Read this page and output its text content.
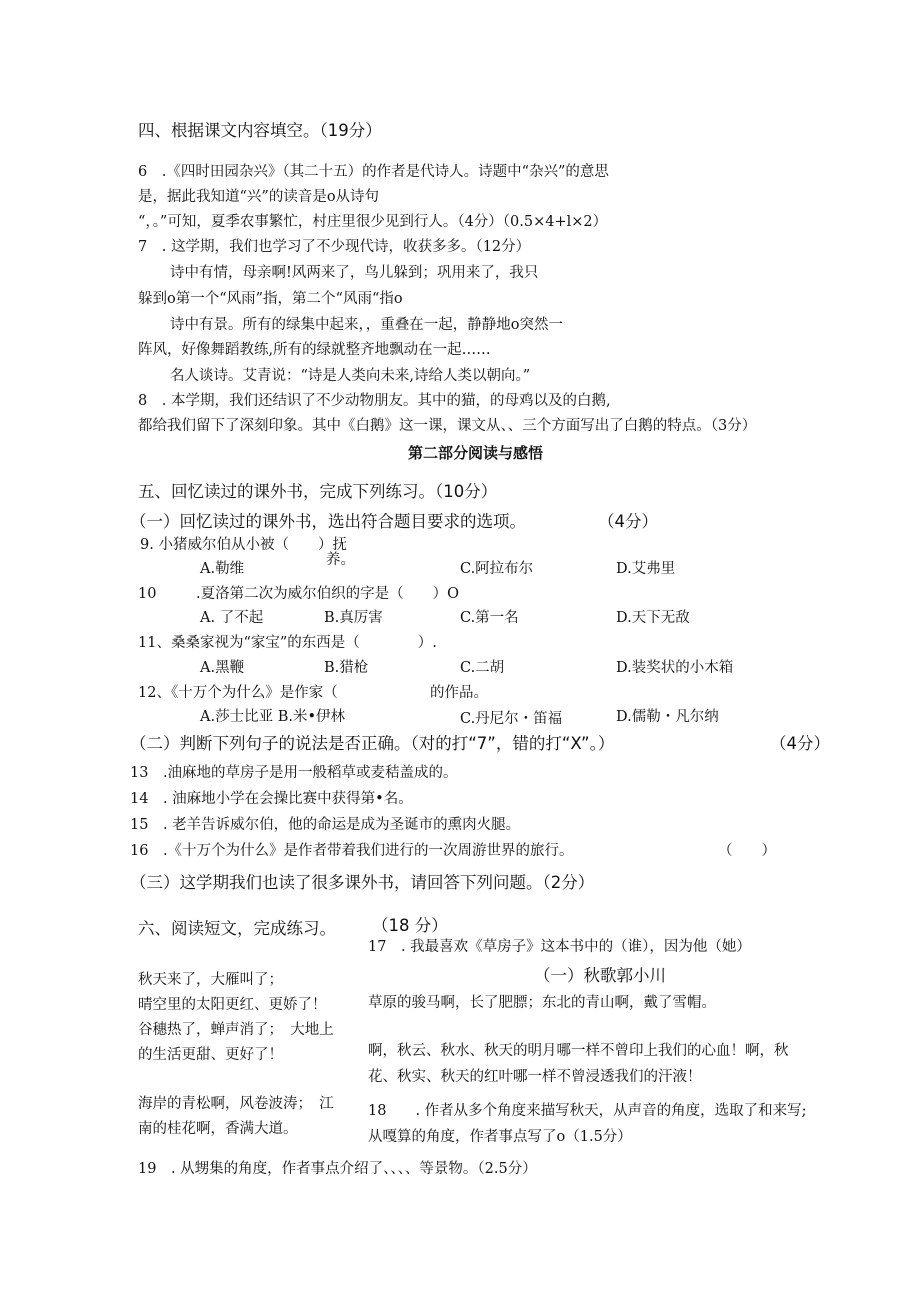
四、根据课文内容填空。（19分）
6　.《四时田园杂兴》（其二十五）的作者是代诗人。诗题中“杂兴”的意思
是，据此我知道“兴”的读音是o从诗句
“，。”可知，夏季农事繁忙，村庄里很少见到行人。（4分）（0.5×4+l×2）
7　. 这学期，我们也学习了不少现代诗，收获多多。（12分）
诗中有情，母亲啊!风两来了，鸟儿躲到；巩用来了，我只
躲到o第一个“风雨”指，第二个“风雨“指o
诗中有景。所有的绿集中起来，，重叠在一起，静静地o突然一
阵风，好像舞蹈教练,所有的绿就整齐地飘动在一起……
名人谈诗。艾青说：“诗是人类向未来,诗给人类以朝向。”
8　. 本学期，我们还结识了不少动物朋友。其中的猫，的母鸡以及的白鹅,
都给我们留下了深刻印象。其中《白鹅》这一课，课文从、、三个方面写出了白鹅的特点。（3分）
第二部分阅读与感悟
五、回忆读过的课外书，完成下列练习。（10分）
（一）回忆读过的课外书，选出符合题目要求的选项。	（4分）
9. 小猪威尔伯从小被（　　）抚
养。
A.勒维	C.阿拉布尔	D.艾弗里
10	.夏洛第二次为威尔伯织的字是（　　）O
A. 了不起	B.真厉害	C.第一名	D.天下无敌
11、桑桑家视为“家宝”的东西是（　　　　）.
A.黑鞭	B.猎枪	C.二胡	D.装奖状的小木箱
12、《十万个为什么》是作家（	的作品。
A.莎士比亚 B.米•伊林	C.丹尼尔・笛福	D.儒勒・凡尔纳
（二）判断下列句子的说法是否正确。（对的打“7”，错的打“X”。）	（4分）
13　.油麻地的草房子是用一般稻草或麦秸盖成的。
14　. 油麻地小学在会操比赛中获得第•名。
15　. 老羊告诉威尔伯，他的命运是成为圣诞市的熏肉火腿。
16　.《十万个为什么》是作者带着我们进行的一次周游世界的旅行。	（　　）
（三）这学期我们也读了很多课外书，请回答下列问题。（2分）
六、阅读短文，完成练习。 （18 分）
17　. 我最喜欢《草房子》这本书中的（谁），因为他（她）
（一）秋歌郭小川
秋天来了，大雁叫了；
晴空里的太阳更红、更娇了！
谷穗热了，蝉声消了；　大地上
的生活更甜、更好了！
海岸的青松啊，风卷波涛；　江
南的桂花啊，香满大道。
草原的骏马啊，长了肥膘；东北的青山啊，戴了雪帽。
啊，秋云、秋水、秋天的明月哪一样不曾印上我们的心血！啊，秋
花、秋实、秋天的红叶哪一样不曾浸透我们的汗液！
18　　. 作者从多个角度来描写秋天，从声音的角度，选取了和来写;
从嘎算的角度，作者事点写了o（1.5分）
19　. 从甥集的角度，作者事点介绍了、、、、等景物。（2.5分）
